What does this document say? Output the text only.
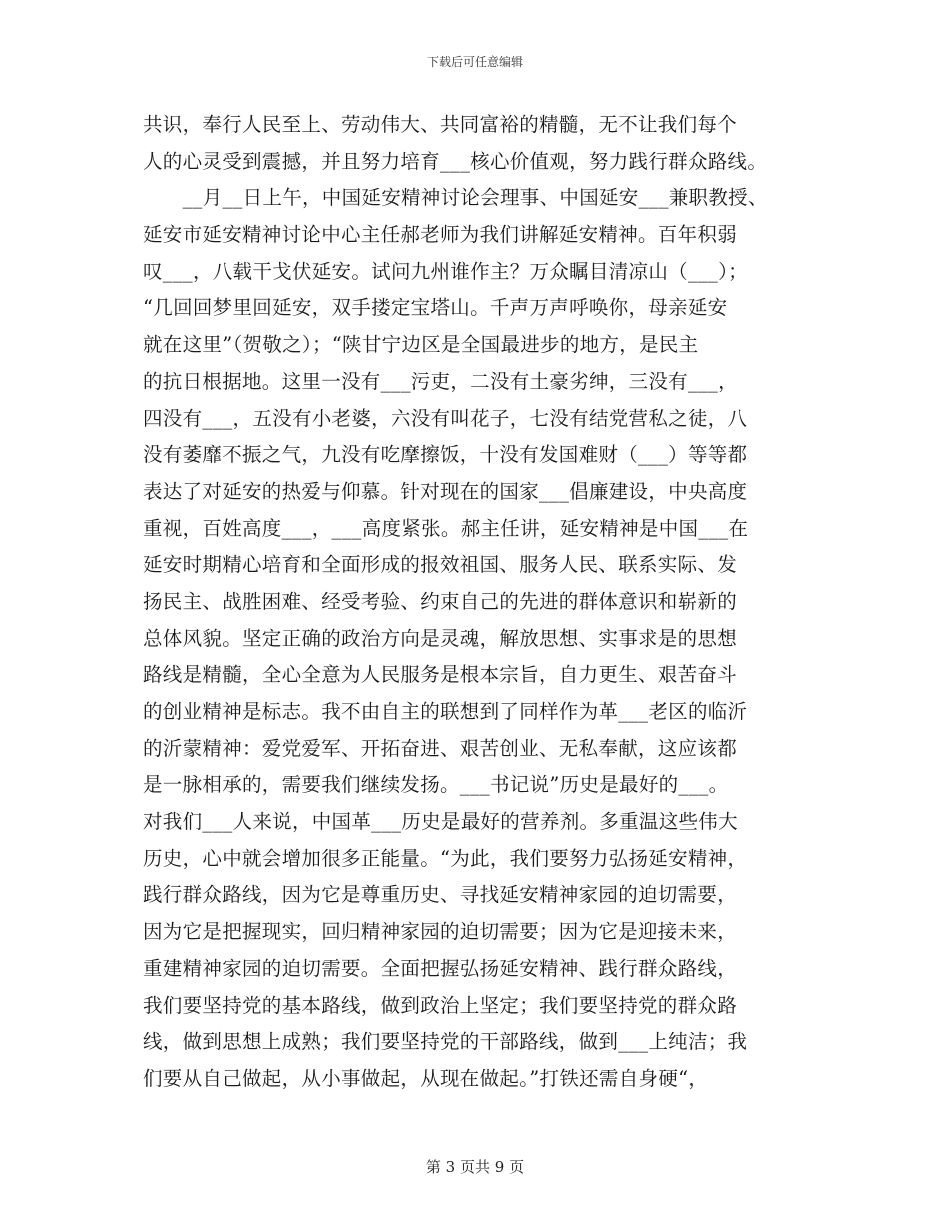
下载后可任意编辑
共识，奉行人民至上、劳动伟大、共同富裕的精髓，无不让我们每个
人的心灵受到震撼，并且努力培育___核心价值观，努力践行群众路线。
　　__月__日上午，中国延安精神讨论会理事、中国延安___兼职教授、
延安市延安精神讨论中心主任郝老师为我们讲解延安精神。百年积弱
叹___，八载干戈伏延安。试问九州谁作主？万众瞩目清凉山（___）；
“几回回梦里回延安，双手搂定宝塔山。千声万声呼唤你，母亲延安
就在这里”（贺敬之）；“陕甘宁边区是全国最进步的地方，是民主
的抗日根据地。这里一没有___污吏，二没有土豪劣绅，三没有___，
四没有___，五没有小老婆，六没有叫花子，七没有结党营私之徒，八
没有萎靡不振之气，九没有吃摩擦饭，十没有发国难财（___）等等都
表达了对延安的热爱与仰慕。针对现在的国家___倡廉建设，中央高度
重视，百姓高度___，___高度紧张。郝主任讲，延安精神是中国___在
延安时期精心培育和全面形成的报效祖国、服务人民、联系实际、发
扬民主、战胜困难、经受考验、约束自己的先进的群体意识和崭新的
总体风貌。坚定正确的政治方向是灵魂，解放思想、实事求是的思想
路线是精髓，全心全意为人民服务是根本宗旨，自力更生、艰苦奋斗
的创业精神是标志。我不由自主的联想到了同样作为革___老区的临沂
的沂蒙精神：爱党爱军、开拓奋进、艰苦创业、无私奉献，这应该都
是一脉相承的，需要我们继续发扬。___书记说”历史是最好的___。
对我们___人来说，中国革___历史是最好的营养剂。多重温这些伟大
历史，心中就会增加很多正能量。“为此，我们要努力弘扬延安精神，
践行群众路线，因为它是尊重历史、寻找延安精神家园的迫切需要，
因为它是把握现实，回归精神家园的迫切需要；因为它是迎接未来，
重建精神家园的迫切需要。全面把握弘扬延安精神、践行群众路线，
我们要坚持党的基本路线，做到政治上坚定；我们要坚持党的群众路
线，做到思想上成熟；我们要坚持党的干部路线，做到___上纯洁；我
们要从自己做起，从小事做起，从现在做起。”打铁还需自身硬“，
第 3 页共 9 页
